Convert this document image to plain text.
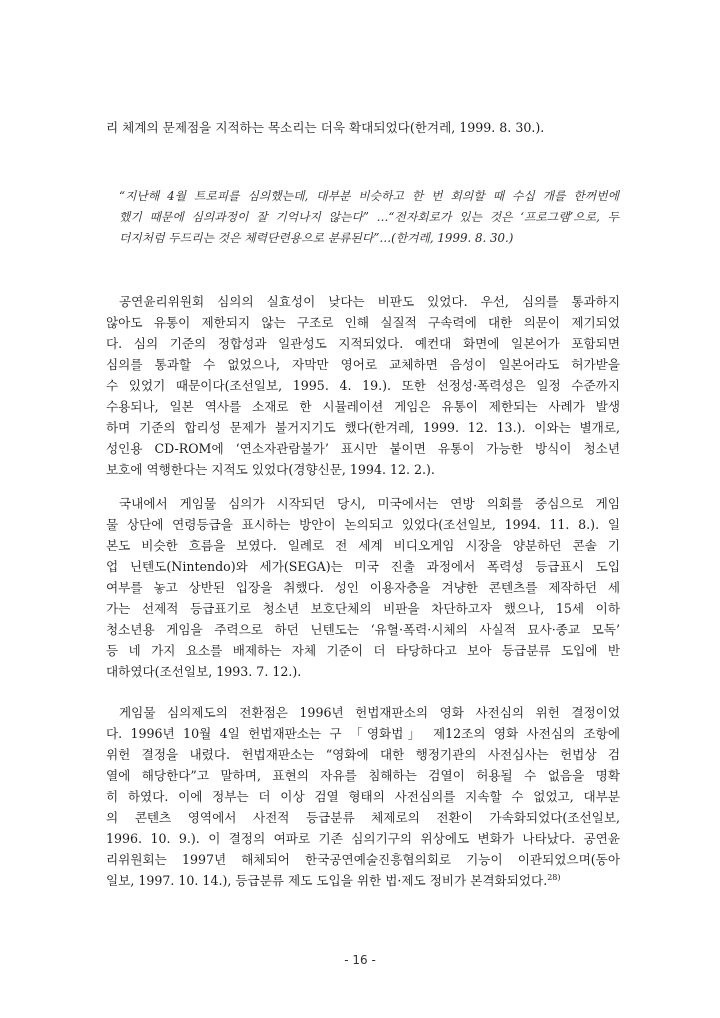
리 체계의 문제점을 지적하는 목소리는 더욱 확대되었다(한겨레, 1999. 8. 30.).
“지난해 4월 트로피를 심의했는데, 대부분 비슷하고 한 번 회의할 때 수십 개를 한꺼번에
했기 때문에 심의과정이 잘 기억나지 않는다” …“전자회로가 있는 것은 ‘프로그램’으로, 두
더지처럼 두드리는 것은 체력단련용으로 분류된다”…(한겨레, 1999. 8. 30.)
공연윤리위원회 심의의 실효성이 낮다는 비판도 있었다. 우선, 심의를 통과하지
않아도 유통이 제한되지 않는 구조로 인해 실질적 구속력에 대한 의문이 제기되었
다. 심의 기준의 정합성과 일관성도 지적되었다. 예컨대 화면에 일본어가 포함되면
심의를 통과할 수 없었으나, 자막만 영어로 교체하면 음성이 일본어라도 허가받을
수 있었기 때문이다(조선일보, 1995. 4. 19.). 또한 선정성·폭력성은 일정 수준까지
수용되나, 일본 역사를 소재로 한 시뮬레이션 게임은 유통이 제한되는 사례가 발생
하며 기준의 합리성 문제가 불거지기도 했다(한겨레, 1999. 12. 13.). 이와는 별개로,
성인용 CD-ROM에 ‘연소자관람불가’ 표시만 붙이면 유통이 가능한 방식이 청소년
보호에 역행한다는 지적도 있었다(경향신문, 1994. 12. 2.).
국내에서 게임물 심의가 시작되던 당시, 미국에서는 연방 의회를 중심으로 게임
물 상단에 연령등급을 표시하는 방안이 논의되고 있었다(조선일보, 1994. 11. 8.). 일
본도 비슷한 흐름을 보였다. 일례로 전 세계 비디오게임 시장을 양분하던 콘솔 기
업 닌텐도(Nintendo)와 세가(SEGA)는 미국 진출 과정에서 폭력성 등급표시 도입
여부를 놓고 상반된 입장을 취했다. 성인 이용자층을 겨냥한 콘텐츠를 제작하던 세
가는 선제적 등급표기로 청소년 보호단체의 비판을 차단하고자 했으나, 15세 이하
청소년용 게임을 주력으로 하던 닌텐도는 ‘유혈·폭력·시체의 사실적 묘사·종교 모독’
등 네 가지 요소를 배제하는 자체 기준이 더 타당하다고 보아 등급분류 도입에 반
대하였다(조선일보, 1993. 7. 12.).
게임물 심의제도의 전환점은 1996년 헌법재판소의 영화 사전심의 위헌 결정이었
다. 1996년 10월 4일 헌법재판소는 구 「영화법」 제12조의 영화 사전심의 조항에
위헌 결정을 내렸다. 헌법재판소는 “영화에 대한 행정기관의 사전심사는 헌법상 검
열에 해당한다”고 말하며, 표현의 자유를 침해하는 검열이 허용될 수 없음을 명확
히 하였다. 이에 정부는 더 이상 검열 형태의 사전심의를 지속할 수 없었고, 대부분
의 콘텐츠 영역에서 사전적 등급분류 체제로의 전환이 가속화되었다(조선일보,
1996. 10. 9.). 이 결정의 여파로 기존 심의기구의 위상에도 변화가 나타났다. 공연윤
리위원회는 1997년 해체되어 한국공연예술진흥협의회로 기능이 이관되었으며(동아
일보, 1997. 10. 14.), 등급분류 제도 도입을 위한 법·제도 정비가 본격화되었다.$^{28)}$
- 16 -
